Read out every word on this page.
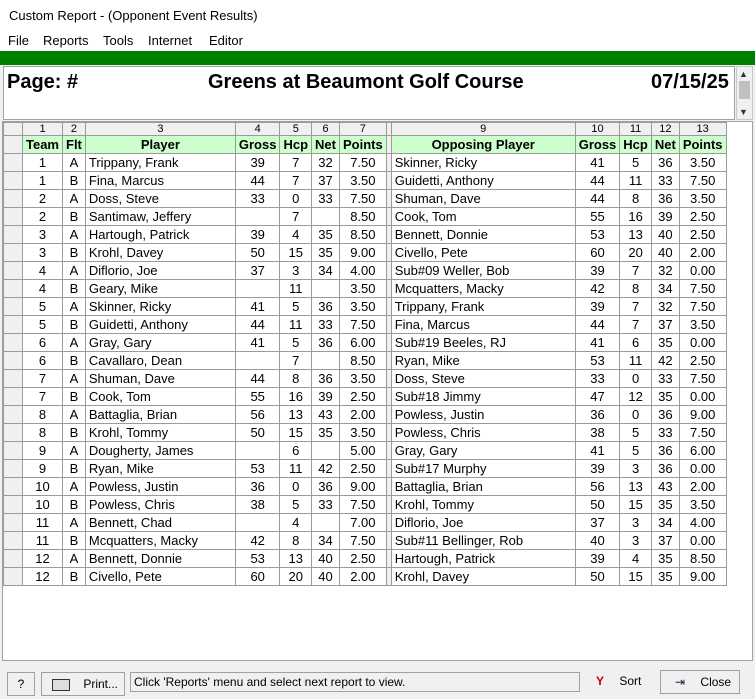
Custom Report - (Opponent Event Results)
File Reports Tools Internet Editor
Page: #	Greens at Beaumont Golf Course	07/15/25 ▲
▼
	1	2	3	4	5	6	7		9	10	11	12	13
	Team	Flt	Player	Gross	Hcp	Net	Points		Opposing Player	Gross	Hcp	Net	Points
	1	A	Trippany, Frank	39	7	32	7.50		Skinner, Ricky	41	5	36	3.50
	1	B	Fina, Marcus	44	7	37	3.50		Guidetti, Anthony	44	11	33	7.50
	2	A	Doss, Steve	33	0	33	7.50		Shuman, Dave	44	8	36	3.50
	2	B	Santimaw, Jeffery		7		8.50		Cook, Tom	55	16	39	2.50
	3	A	Hartough, Patrick	39	4	35	8.50		Bennett, Donnie	53	13	40	2.50
	3	B	Krohl, Davey	50	15	35	9.00		Civello, Pete	60	20	40	2.00
	4	A	Diflorio, Joe	37	3	34	4.00		Sub#09 Weller, Bob	39	7	32	0.00
	4	B	Geary, Mike		11		3.50		Mcquatters, Macky	42	8	34	7.50
	5	A	Skinner, Ricky	41	5	36	3.50		Trippany, Frank	39	7	32	7.50
	5	B	Guidetti, Anthony	44	11	33	7.50		Fina, Marcus	44	7	37	3.50
	6	A	Gray, Gary	41	5	36	6.00		Sub#19 Beeles, RJ	41	6	35	0.00
	6	B	Cavallaro, Dean		7		8.50		Ryan, Mike	53	11	42	2.50
	7	A	Shuman, Dave	44	8	36	3.50		Doss, Steve	33	0	33	7.50
	7	B	Cook, Tom	55	16	39	2.50		Sub#18 Jimmy	47	12	35	0.00
	8	A	Battaglia, Brian	56	13	43	2.00		Powless, Justin	36	0	36	9.00
	8	B	Krohl, Tommy	50	15	35	3.50		Powless, Chris	38	5	33	7.50
	9	A	Dougherty, James		6		5.00		Gray, Gary	41	5	36	6.00
	9	B	Ryan, Mike	53	11	42	2.50		Sub#17 Murphy	39	3	36	0.00
	10	A	Powless, Justin	36	0	36	9.00		Battaglia, Brian	56	13	43	2.00
	10	B	Powless, Chris	38	5	33	7.50		Krohl, Tommy	50	15	35	3.50
	11	A	Bennett, Chad		4		7.00		Diflorio, Joe	37	3	34	4.00
	11	B	Mcquatters, Macky	42	8	34	7.50		Sub#11 Bellinger, Rob	40	3	37	0.00
	12	A	Bennett, Donnie	53	13	40	2.50		Hartough, Patrick	39	4	35	8.50
	12	B	Civello, Pete	60	20	40	2.00		Krohl, Davey	50	15	35	9.00
?	Print...	Click 'Reports' menu and select next report to view.	Y Sort	⇥ Close
